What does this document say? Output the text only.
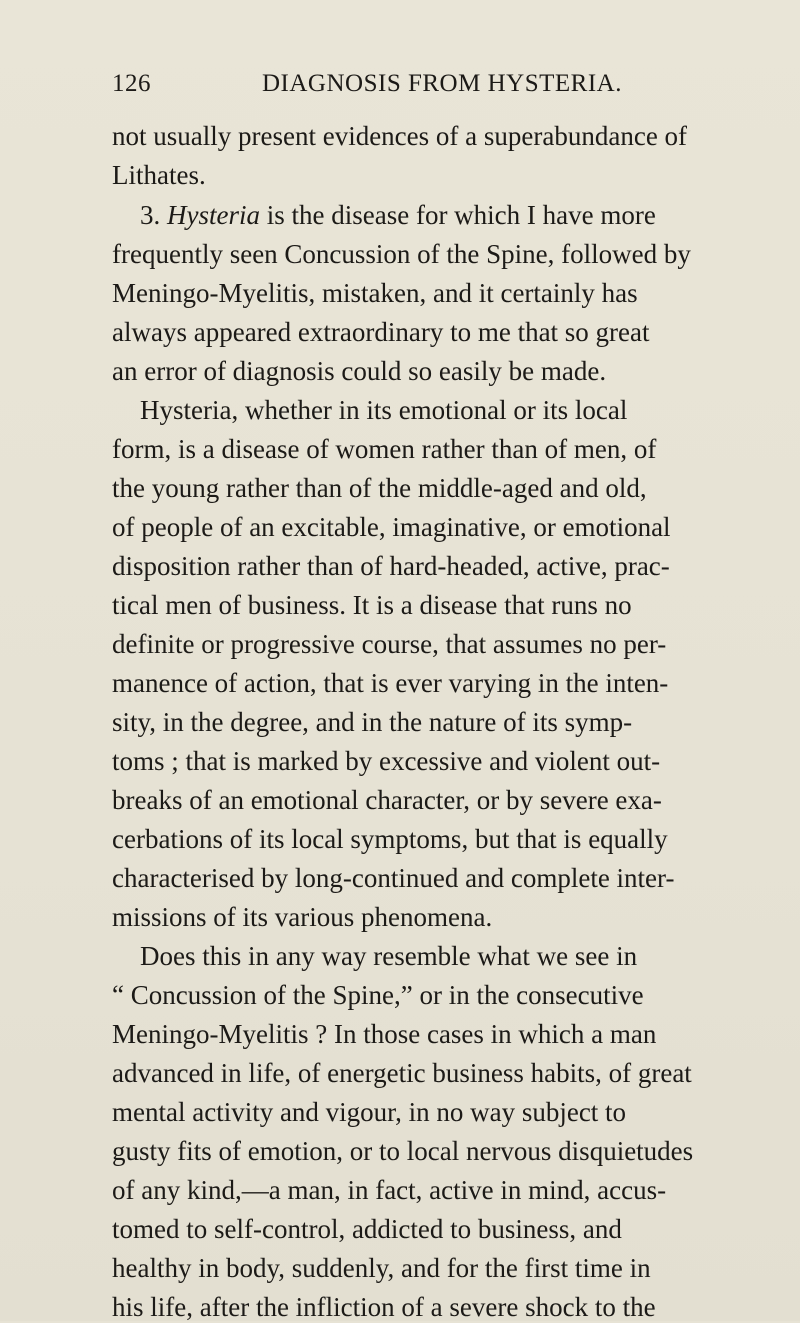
126	DIAGNOSIS FROM HYSTERIA.
not usually present evidences of a superabundance of
Lithates.
3. Hysteria is the disease for which I have more
frequently seen Concussion of the Spine, followed by
Meningo-Myelitis, mistaken, and it certainly has
always appeared extraordinary to me that so great
an error of diagnosis could so easily be made.
Hysteria, whether in its emotional or its local
form, is a disease of women rather than of men, of
the young rather than of the middle-aged and old,
of people of an excitable, imaginative, or emotional
disposition rather than of hard-headed, active, prac-
tical men of business. It is a disease that runs no
definite or progressive course, that assumes no per-
manence of action, that is ever varying in the inten-
sity, in the degree, and in the nature of its symp-
toms ; that is marked by excessive and violent out-
breaks of an emotional character, or by severe exa-
cerbations of its local symptoms, but that is equally
characterised by long-continued and complete inter-
missions of its various phenomena.
Does this in any way resemble what we see in
“ Concussion of the Spine,” or in the consecutive
Meningo-Myelitis ? In those cases in which a man
advanced in life, of energetic business habits, of great
mental activity and vigour, in no way subject to
gusty fits of emotion, or to local nervous disquietudes
of any kind,—a man, in fact, active in mind, accus-
tomed to self-control, addicted to business, and
healthy in body, suddenly, and for the first time in
his life, after the infliction of a severe shock to the
